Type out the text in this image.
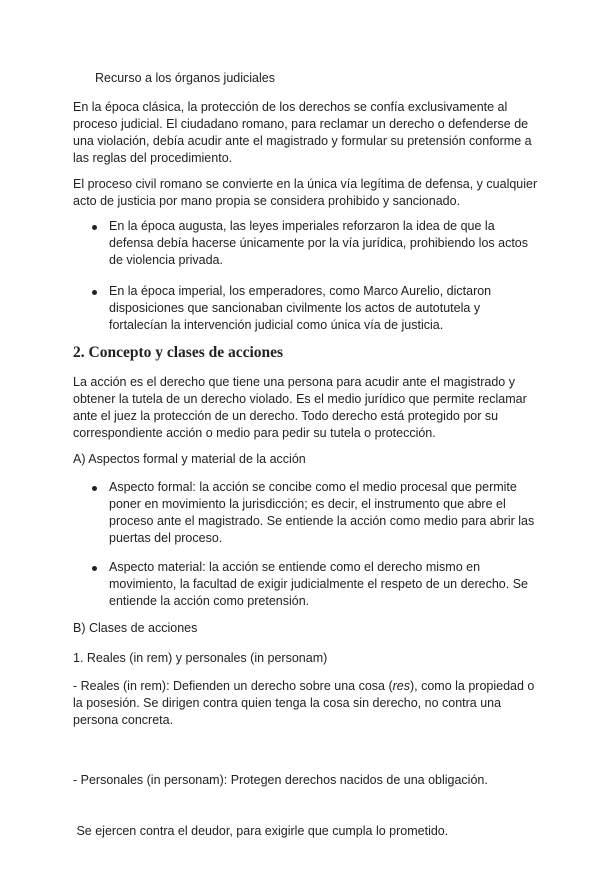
Recurso a los órganos judiciales

En la época clásica, la protección de los derechos se confía exclusivamente al
proceso judicial. El ciudadano romano, para reclamar un derecho o defenderse de
una violación, debía acudir ante el magistrado y formular su pretensión conforme a
las reglas del procedimiento.

El proceso civil romano se convierte en la única vía legítima de defensa, y cualquier
acto de justicia por mano propia se considera prohibido y sancionado.

En la época augusta, las leyes imperiales reforzaron la idea de que la
defensa debía hacerse únicamente por la vía jurídica, prohibiendo los actos
de violencia privada.

En la época imperial, los emperadores, como Marco Aurelio, dictaron
disposiciones que sancionaban civilmente los actos de autotutela y
fortalecían la intervención judicial como única vía de justicia.

2. Concepto y clases de acciones

La acción es el derecho que tiene una persona para acudir ante el magistrado y
obtener la tutela de un derecho violado. Es el medio jurídico que permite reclamar
ante el juez la protección de un derecho. Todo derecho está protegido por su
correspondiente acción o medio para pedir su tutela o protección.

A) Aspectos formal y material de la acción

Aspecto formal: la acción se concibe como el medio procesal que permite
poner en movimiento la jurisdicción; es decir, el instrumento que abre el
proceso ante el magistrado. Se entiende la acción como medio para abrir las
puertas del proceso.

Aspecto material: la acción se entiende como el derecho mismo en
movimiento, la facultad de exigir judicialmente el respeto de un derecho. Se
entiende la acción como pretensión.

B) Clases de acciones

1. Reales (in rem) y personales (in personam)

- Reales (in rem): Defienden un derecho sobre una cosa (res), como la propiedad o
la posesión. Se dirigen contra quien tenga la cosa sin derecho, no contra una
persona concreta.

- Personales (in personam): Protegen derechos nacidos de una obligación.

Se ejercen contra el deudor, para exigirle que cumpla lo prometido.
